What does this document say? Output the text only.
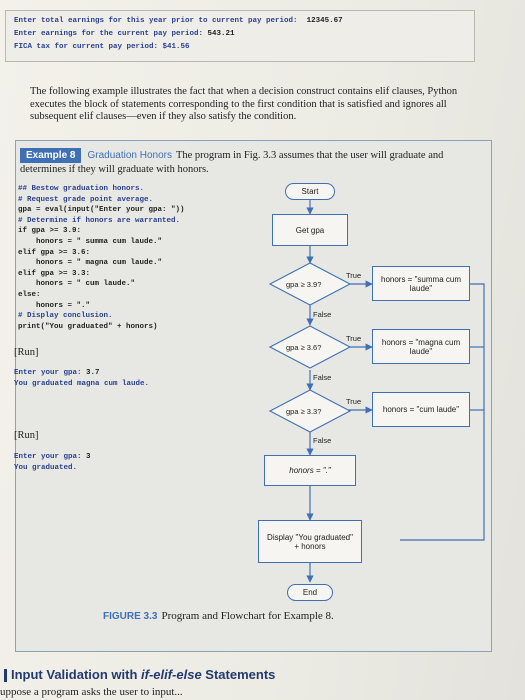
Enter total earnings for this year prior to current pay period: 12345.67
Enter earnings for the current pay period: 543.21
FICA tax for current pay period: $41.56
The following example illustrates the fact that when a decision construct contains elif clauses, Python executes the block of statements corresponding to the first condition that is satisfied and ignores all subsequent elif clauses—even if they also satisfy the condition.
Example 8 Graduation Honors The program in Fig. 3.3 assumes that the user will graduate and determines if they will graduate with honors.
## Bestow graduation honors.
# Request grade point average.
gpa = eval(input("Enter your gpa: "))
# Determine if honors are warranted.
if gpa >= 3.9:
honors = " summa cum laude."
elif gpa >= 3.6:
honors = " magna cum laude."
elif gpa >= 3.3:
honors = " cum laude."
else:
honors = "."
# Display conclusion.
print("You graduated" + honors)
[Run]
Enter your gpa: 3.7
You graduated magna cum laude.
[Run]
Enter your gpa: 3
You graduated.
Start
Get gpa
gpa ≥ 3.9?
gpa ≥ 3.6?
gpa ≥ 3.3?
True
True
True
False
False
False
honors = "summa cum laude"
honors = "magna cum laude"
honors = "cum laude"
honors = "."
Display "You graduated" + honors
End
FIGURE 3.3 Program and Flowchart for Example 8.
Input Validation with if-elif-else Statements
uppose a program asks the user to input...
